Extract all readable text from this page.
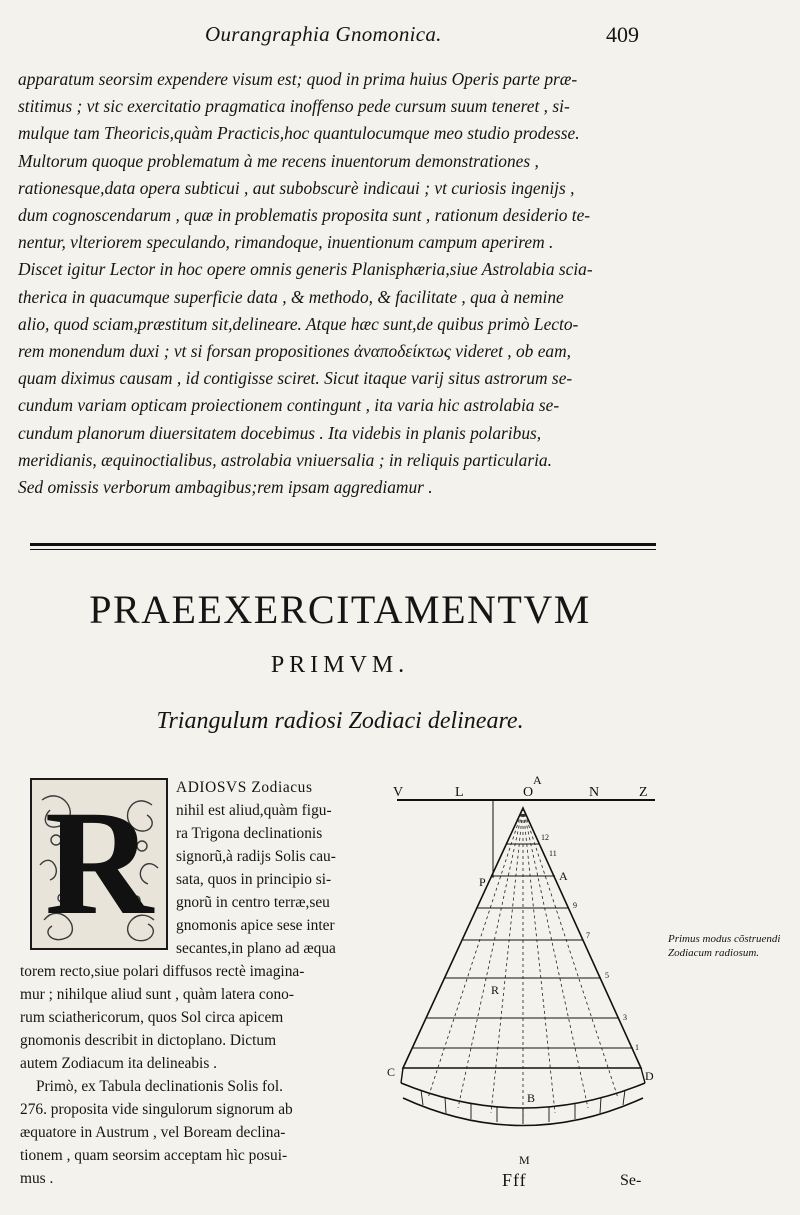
Ourangraphia Gnomonica.	409
apparatum seorsim expendere visum est; quod in prima huius Operis parte præ-
stitimus ; vt sic exercitatio pragmatica inoffenso pede cursum suum teneret , si-
mulque tam Theoricis,quàm Practicis,hoc quantulocumque meo studio prodesse.
Multorum quoque problematum à me recens inuentorum demonstrationes ,
rationesque,data opera subticui , aut subobscurè indicaui ; vt curiosis ingenijs ,
dum cognoscendarum , quæ in problematis proposita sunt , rationum desiderio te-
nentur, vlteriorem speculando, rimandoque, inuentionum campum aperirem .
Discet igitur Lector in hoc opere omnis generis Planisphæria,siue Astrolabia scia-
therica in quacumque superficie data , & methodo, & facilitate , qua à nemine
alio, quod sciam,præstitum sit,delineare. Atque hæc sunt,de quibus primò Lecto-
rem monendum duxi ; vt si forsan propositiones ἀναποδείκτως videret , ob eam,
quam diximus causam , id contigisse sciret. Sicut itaque varij situs astrorum se-
cundum variam opticam proiectionem contingunt , ita varia hic astrolabia se-
cundum planorum diuersitatem docebimus . Ita videbis in planis polaribus,
meridianis, æquinoctialibus, astrolabia vniuersalia ; in reliquis particularia.
Sed omissis verborum ambagibus;rem ipsam aggrediamur .
PRAEEXERCITAMENTVM
PRIMVM.
Triangulum radiosi Zodiaci delineare.
R	ADIOSVS Zodiacus
nihil est aliud,quàm figu-
ra Trigona declinationis
signorũ,à radijs Solis cau-
sata, quos in principio si-
gnorũ in centro terræ,seu
gnomonis apice sese inter
secantes,in plano ad æqua
torem recto,siue polari diffusos rectè imagina-
mur ; nihilque aliud sunt , quàm latera cono-
rum sciathericorum, quos Sol circa apicem
gnomonis describit in dictoplano. Dictum
autem Zodiacum ita delineabis .
Primò, ex Tabula declinationis Solis fol.
276. proposita vide singulorum signorum ab
æquatore in Austrum , vel Boream declina-
tionem , quam seorsim acceptam hìc posui-
mus .
V	L	O	N	Z
A
P
R
C
A
D
B
M
12
11
9
7
5
3
1
Primus modus cõstruendi Zodiacum radiosum.
Fff	Se-
